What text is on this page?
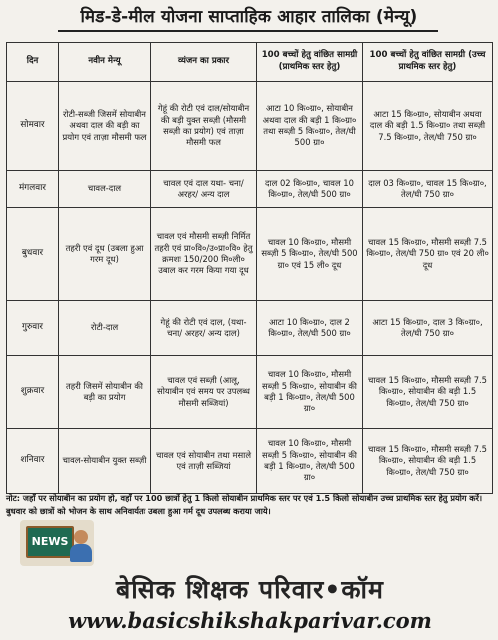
मिड-डे-मील योजना साप्ताहिक आहार तालिका (मेन्यू)
दिन	नवीन मेन्यू	व्यंजन का प्रकार	100 बच्चों हेतु वांछित सामग्री (प्राथमिक स्तर हेतु)	100 बच्चों हेतु वांछित सामग्री (उच्च प्राथमिक स्तर हेतु)
सोमवार	रोटी-सब्जी जिसमें सोयाबीन अथवा दाल की बड़ी का प्रयोग एवं ताज़ा मौसमी फल	गेहूं की रोटी एवं दाल/सोयाबीन की बड़ी युक्त सब्ज़ी (मौसमी सब्ज़ी का प्रयोग) एवं ताज़ा मौसमी फल	आटा 10 कि०ग्रा०, सोयाबीन अथवा दाल की बड़ी 1 कि०ग्रा० तथा सब्ज़ी 5 कि०ग्रा०, तेल/घी 500 ग्रा०	आटा 15 कि०ग्रा०, सोयाबीन अथवा दाल की बड़ी 1.5 कि०ग्रा० तथा सब्ज़ी 7.5 कि०ग्रा०, तेल/घी 750 ग्रा०
मंगलवार	चावल-दाल	चावल एवं दाल यथा- चना/ अरहर/ अन्य दाल	दाल 02 कि०ग्रा०, चावल 10 कि०ग्रा०, तेल/घी 500 ग्रा०	दाल 03 कि०ग्रा०, चावल 15 कि०ग्रा०, तेल/घी 750 ग्रा०
बुधवार	तहरी एवं दूध (उबला हुआ गरम दूध)	चावल एवं मौसमी सब्ज़ी निर्मित तहरी एवं प्रा०वि०/उ०प्रा०वि० हेतु क्रमशः 150/200 मि०ली० उबाल कर गरम किया गया दूध	चावल 10 कि०ग्रा०, मौसमी सब्ज़ी 5 कि०ग्रा०, तेल/घी 500 ग्रा० एवं 15 ली० दूध	चावल 15 कि०ग्रा०, मौसमी सब्ज़ी 7.5 कि०ग्रा०, तेल/घी 750 ग्रा० एवं 20 ली० दूध
गुरुवार	रोटी-दाल	गेहूं की रोटी एवं दाल, (यथा- चना/ अरहर/ अन्य दाल)	आटा 10 कि०ग्रा०, दाल 2 कि०ग्रा०, तेल/घी 500 ग्रा०	आटा 15 कि०ग्रा०, दाल 3 कि०ग्रा०, तेल/घी 750 ग्रा०
शुक्रवार	तहरी जिसमें सोयाबीन की बड़ी का प्रयोग	चावल एवं सब्ज़ी (आलू, सोयाबीन एवं समय पर उपलब्ध मौसमी सब्जियां)	चावल 10 कि०ग्रा०, मौसमी सब्ज़ी 5 कि०ग्रा०, सोयाबीन की बड़ी 1 कि०ग्रा०, तेल/घी 500 ग्रा०	चावल 15 कि०ग्रा०, मौसमी सब्ज़ी 7.5 कि०ग्रा०, सोयाबीन की बड़ी 1.5 कि०ग्रा०, तेल/घी 750 ग्रा०
शनिवार	चावल-सोयाबीन युक्त सब्ज़ी	चावल एवं सोयाबीन तथा मसाले एवं ताज़ी सब्जियां	चावल 10 कि०ग्रा०, मौसमी सब्ज़ी 5 कि०ग्रा०, सोयाबीन की बड़ी 1 कि०ग्रा०, तेल/घी 500 ग्रा०	चावल 15 कि०ग्रा०, मौसमी सब्ज़ी 7.5 कि०ग्रा०, सोयाबीन की बड़ी 1.5 कि०ग्रा०, तेल/घी 750 ग्रा०
नोट: जहाँ पर सोयाबीन का प्रयोग हो, वहाँ पर 100 छात्रों हेतु 1 किलो सोयाबीन प्राथमिक स्तर पर एवं 1.5 किलो सोयाबीन उच्च प्राथमिक स्तर हेतु प्रयोग करें। बुधवार को छात्रों को भोजन के साथ अनिवार्यतः उबला हुआ गर्म दूध उपलब्ध कराया जाये।
NEWS
बेसिक शिक्षक परिवार•कॉम
www.basicshikshakparivar.com
